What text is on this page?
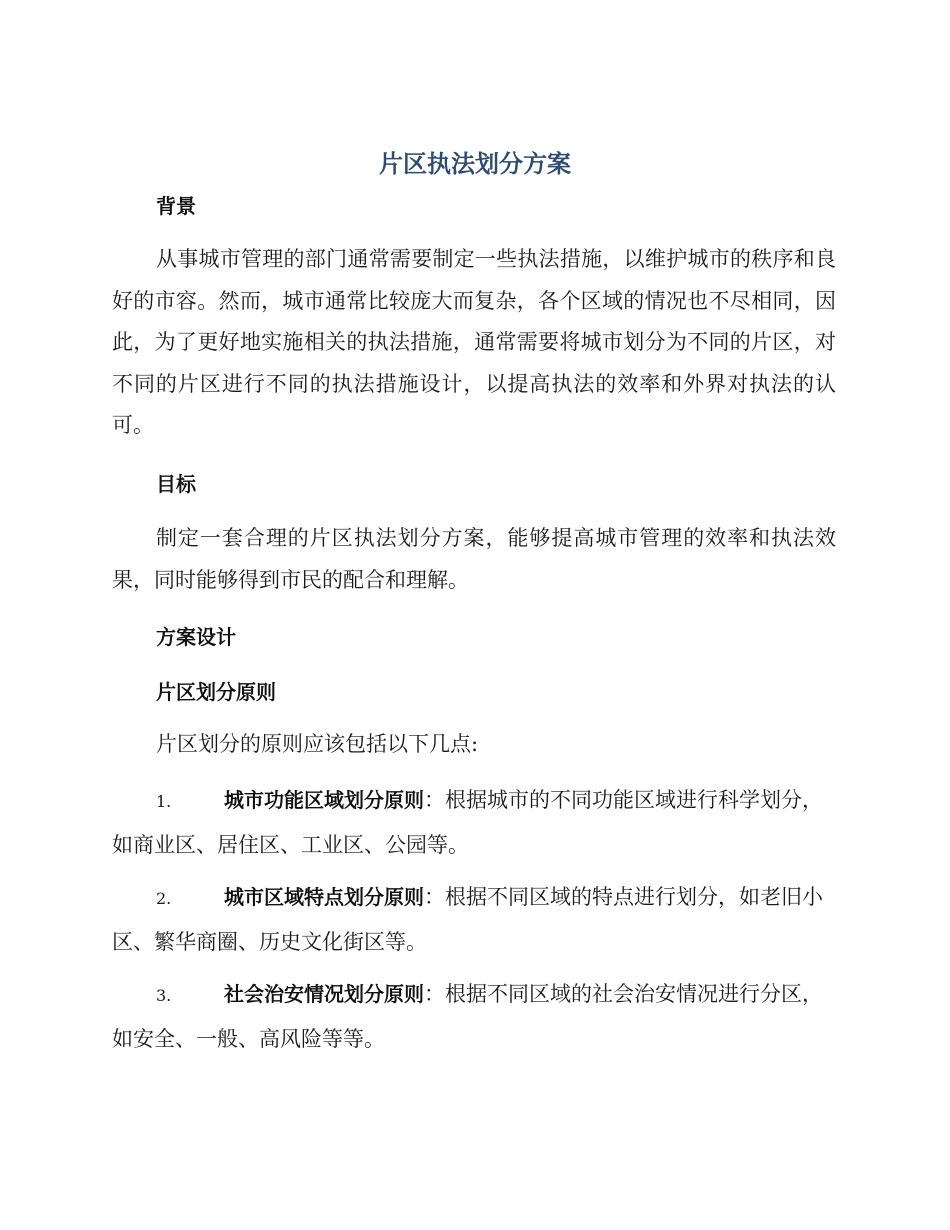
片区执法划分方案
背景

从事城市管理的部门通常需要制定一些执法措施，以维护城市的秩序和良好的市容。然而，城市通常比较庞大而复杂，各个区域的情况也不尽相同，因此，为了更好地实施相关的执法措施，通常需要将城市划分为不同的片区，对不同的片区进行不同的执法措施设计，以提高执法的效率和外界对执法的认可。

目标

制定一套合理的片区执法划分方案，能够提高城市管理的效率和执法效果，同时能够得到市民的配合和理解。

方案设计
片区划分原则

片区划分的原则应该包括以下几点:

1.	城市功能区域划分原则：根据城市的不同功能区域进行科学划分，如商业区、居住区、工业区、公园等。

2.	城市区域特点划分原则：根据不同区域的特点进行划分，如老旧小区、繁华商圈、历史文化街区等。

3.	社会治安情况划分原则：根据不同区域的社会治安情况进行分区，如安全、一般、高风险等等。
